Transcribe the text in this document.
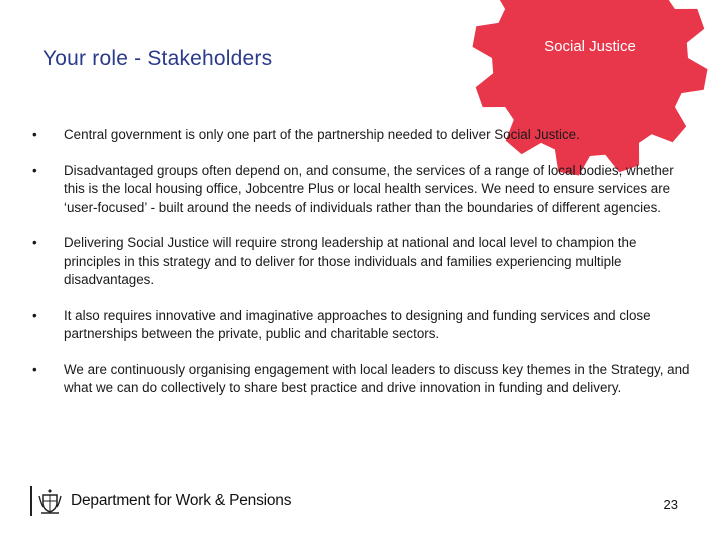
Social Justice
Your role - Stakeholders
• Central government is only one part of the partnership needed to deliver Social Justice.
• Disadvantaged groups often depend on, and consume, the services of a range of local bodies, whether this is the local housing office, Jobcentre Plus or local health services. We need to ensure services are ‘user-focused’ - built around the needs of individuals rather than the boundaries of different agencies.
• Delivering Social Justice will require strong leadership at national and local level to champion the principles in this strategy and to deliver for those individuals and families experiencing multiple disadvantages.
• It also requires innovative and imaginative approaches to designing and funding services and close partnerships between the private, public and charitable sectors.
• We are continuously organising engagement with local leaders to discuss key themes in the Strategy, and what we can do collectively to share best practice and drive innovation in funding and delivery.
Department for Work & Pensions	23
